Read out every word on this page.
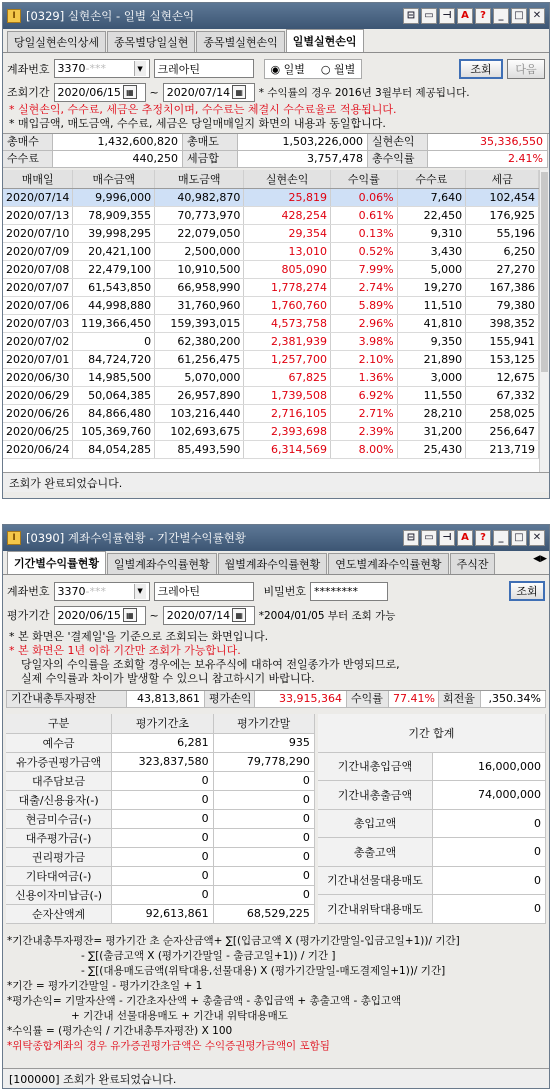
I [0329] 실현손익 - 일별 실현손익	⊟ ▭ ⊣ A	?	_	□ ✕
당일실현손익상세	종목별당일실현	종목별실현손익	일별실현손익
계좌번호 3370 -***	▼ 크레아틴	◉ 일별 ○ 월별	조회	다음
조회기간 2020/06/15 ▦ ~ 2020/07/14 ▦	* 수익률의 경우 2016년 3월부터 제공됩니다.
* 실현손익, 수수료, 세금은 추정치이며, 수수료는 체결시 수수료율로 적용됩니다.
* 매입금액, 매도금액, 수수료, 세금은 당일매매일지 화면의 내용과 동일합니다.
총매수	1,432,600,820 총매도	1,503,226,000 실현손익	35,336,550
수수료	440,250 세금합	3,757,478 총수익률	2.41%
매매일	매수금액	매도금액	실현손익	수익률	수수료	세금
2020/07/14	9,996,000	40,982,870	25,819	0.06%	7,640	102,454
2020/07/13	78,909,355	70,773,970	428,254	0.61%	22,450	176,925
2020/07/10	39,998,295	22,079,050	29,354	0.13%	9,310	55,196
2020/07/09	20,421,100	2,500,000	13,010	0.52%	3,430	6,250
2020/07/08	22,479,100	10,910,500	805,090	7.99%	5,000	27,270
2020/07/07	61,543,850	66,958,990	1,778,274	2.74%	19,270	167,386
2020/07/06	44,998,880	31,760,960	1,760,760	5.89%	11,510	79,380
2020/07/03	119,366,450	159,393,015	4,573,758	2.96%	41,810	398,352
2020/07/02	0	62,380,200	2,381,939	3.98%	9,350	155,941
2020/07/01	84,724,720	61,256,475	1,257,700	2.10%	21,890	153,125
2020/06/30	14,985,500	5,070,000	67,825	1.36%	3,000	12,675
2020/06/29	50,064,385	26,957,890	1,739,508	6.92%	11,550	67,332
2020/06/26	84,866,480	103,216,440	2,716,105	2.71%	28,210	258,025
2020/06/25	105,369,760	102,693,675	2,393,698	2.39%	31,200	256,647
2020/06/24	84,054,285	85,493,590	6,314,569	8.00%	25,430	213,719
조회가 완료되었습니다.
I [0390] 계좌수익률현황 - 기간별수익률현황	⊟ ▭ ⊣ A	?	_	□ ✕
기간별수익률현황	일별계좌수익률현황	월별계좌수익률현황	연도별계좌수익률현황	주식잔	◀▶
계좌번호 3370 -***	▼ 크레아틴	비밀번호 ********	조회
평가기간 2020/06/15 ▦ ~ 2020/07/14 ▦	*2004/01/05 부터 조회 가능
* 본 화면은 '결제일'을 기준으로 조회되는 화면입니다.
* 본 화면은 1년 이하 기간만 조회가 가능합니다.
당일자의 수익률을 조회할 경우에는 보유주식에 대하여 전일종가가 반영되므로,
실제 수익률과 차이가 발생할 수 있으니 참고하시기 바랍니다.
기간내총투자평잔	43,813,861 평가손익	33,915,364 수익률 77.41% 회전율	,350.34%
구분	평가기간초	평가기간말
예수금	6,281	935
유가증권평가금액	323,837,580	79,778,290
대주담보금	0	0
대출/신용융자(-)	0	0
현금미수금(-)	0	0
대주평가금(-)	0	0
권리평가금	0	0
기타대여금(-)	0	0
신용이자미납금(-)	0	0
순자산액계	92,613,861	68,529,225
기간 합계	
기간내총입금액	16,000,000
기간내총출금액	74,000,000
총입고액	0
총출고액	0
기간내선물대용매도	0
기간내위탁대용매도	0
*기간내총투자평잔= 평가기간 초 순자산금액+ ∑[(입금고액 X (평가기간말일-입금고일+1))/ 기간]
- ∑[(출금고액 X (평가기간말일 - 출금고일+1)) / 기간 ]
- ∑[(대용매도금액(위탁대용,선물대용) X (평가기간말일-매도결제일+1))/ 기간]
*기간 = 평가기간말일 - 평가기간초일 + 1
*평가손익= 기말자산액 - 기간초자산액 + 총출금액 - 총입금액 + 총출고액 - 총입고액
+ 기간내 선물대용매도 + 기간내 위탁대용매도
*수익률 = (평가손익 / 기간내총투자평잔) X 100
*위탁종합계좌의 경우 유가증권평가금액은 수익증권평가금액이 포함됨
[100000] 조회가 완료되었습니다.
